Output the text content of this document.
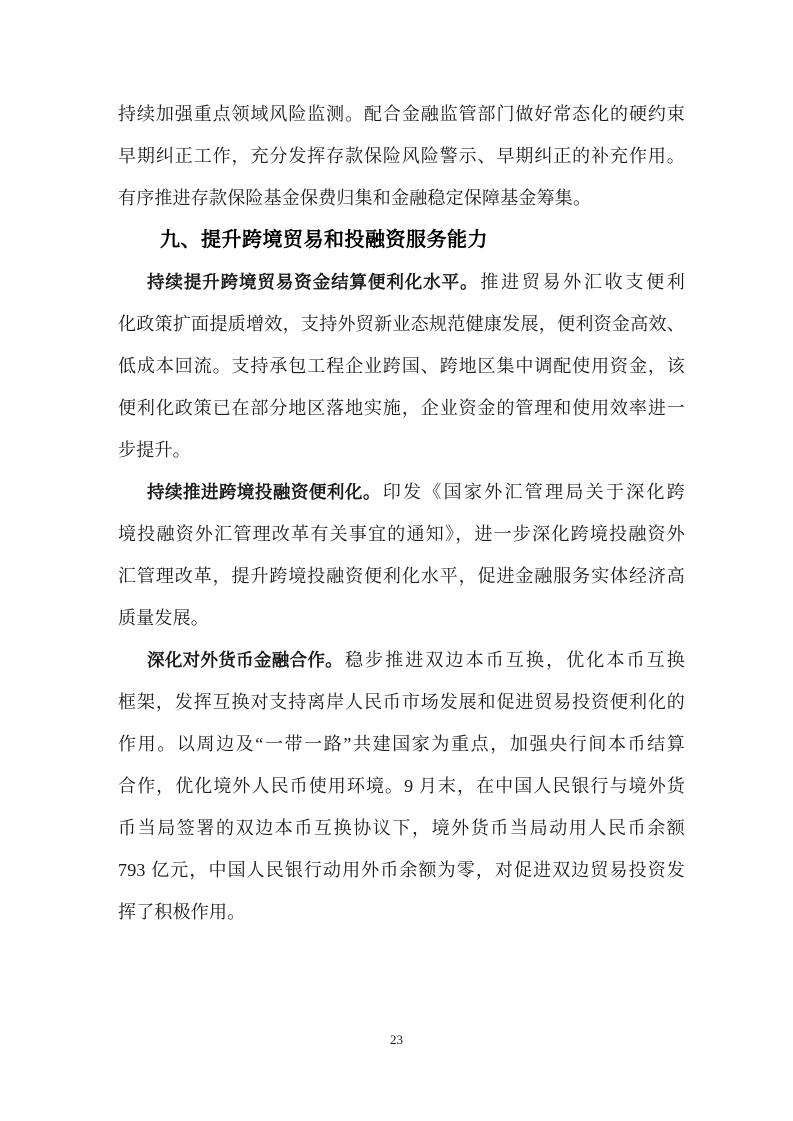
持续加强重点领域风险监测。配合金融监管部门做好常态化的硬约束
早期纠正工作，充分发挥存款保险风险警示、早期纠正的补充作用。
有序推进存款保险基金保费归集和金融稳定保障基金筹集。
九、提升跨境贸易和投融资服务能力
持续提升跨境贸易资金结算便利化水平。 推进贸易外汇收支便利
化政策扩面提质增效，支持外贸新业态规范健康发展，便利资金高效、
低成本回流。支持承包工程企业跨国、跨地区集中调配使用资金，该
便利化政策已在部分地区落地实施，企业资金的管理和使用效率进一
步提升。
持续推进跨境投融资便利化。 印发《国家外汇管理局关于深化跨
境投融资外汇管理改革有关事宜的通知》，进一步深化跨境投融资外
汇管理改革，提升跨境投融资便利化水平，促进金融服务实体经济高
质量发展。
深化对外货币金融合作。 稳步推进双边本币互换，优化本币互换
框架，发挥互换对支持离岸人民币市场发展和促进贸易投资便利化的
作用。以周边及“一带一路”共建国家为重点，加强央行间本币结算
合作，优化境外人民币使用环境。9 月末，在中国人民银行与境外货
币当局签署的双边本币互换协议下，境外货币当局动用人民币余额
793 亿元，中国人民银行动用外币余额为零，对促进双边贸易投资发
挥了积极作用。
23
